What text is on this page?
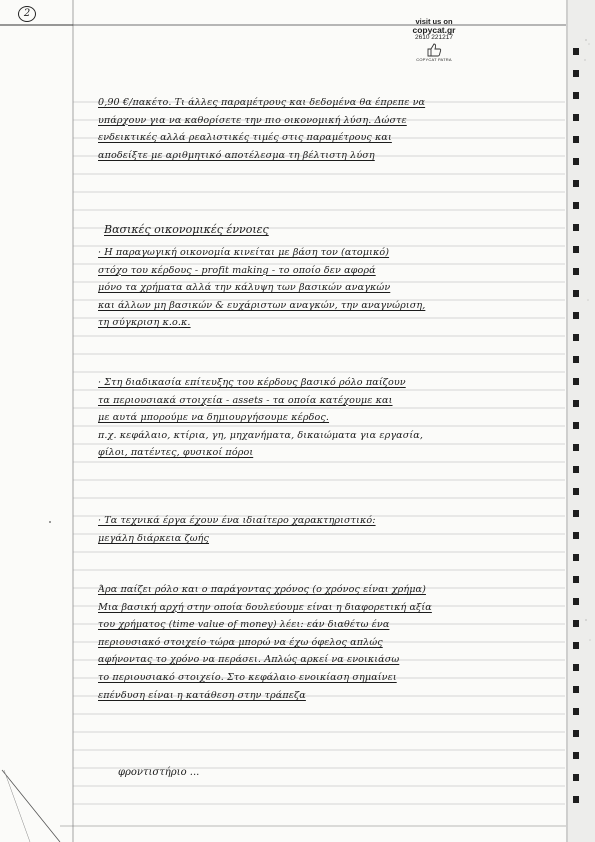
2
visit us on
copycat.gr
2610 221217
COPYCAT PATRA
0,90 €/πακέτο. Τι άλλες παραμέτρους και δεδομένα θα έπρεπε να
υπάρχουν για να καθορίσετε την πιο οικονομική λύση. Δώστε
ενδεικτικές αλλά ρεαλιστικές τιμές στις παραμέτρους και
αποδείξτε με αριθμητικό αποτέλεσμα τη βέλτιστη λύση
Βασικές οικονομικές έννοιες
· Η παραγωγική οικονομία κινείται με βάση τον (ατομικό)
στόχο του κέρδους - profit making - το οποίο δεν αφορά
μόνο τα χρήματα αλλά την κάλυψη των βασικών αναγκών
και άλλων μη βασικών & ευχάριστων αναγκών, την αναγνώριση,
τη σύγκριση κ.ο.κ.
· Στη διαδικασία επίτευξης του κέρδους βασικό ρόλο παίζουν
τα περιουσιακά στοιχεία - assets - τα οποία κατέχουμε και
με αυτά μπορούμε να δημιουργήσουμε κέρδος.
π.χ. κεφάλαιο, κτίρια, γη, μηχανήματα, δικαιώματα για εργασία,
φίλοι, πατέντες, φυσικοί πόροι
· Τα τεχνικά έργα έχουν ένα ιδιαίτερο χαρακτηριστικό:
μεγάλη διάρκεια ζωής
Άρα παίζει ρόλο και ο παράγοντας χρόνος (ο χρόνος είναι χρήμα)
Μια βασική αρχή στην οποία δουλεύουμε είναι η διαφορετική αξία
του χρήματος (time value of money) λέει: εάν διαθέτω ένα
περιουσιακό στοιχείο τώρα μπορώ να έχω όφελος απλώς
αφήνοντας το χρόνο να περάσει. Απλώς αρκεί να ενοικιάσω
το περιουσιακό στοιχείο. Στο κεφάλαιο ενοικίαση σημαίνει
επένδυση είναι η κατάθεση στην τράπεζα
φροντιστήριο ...
